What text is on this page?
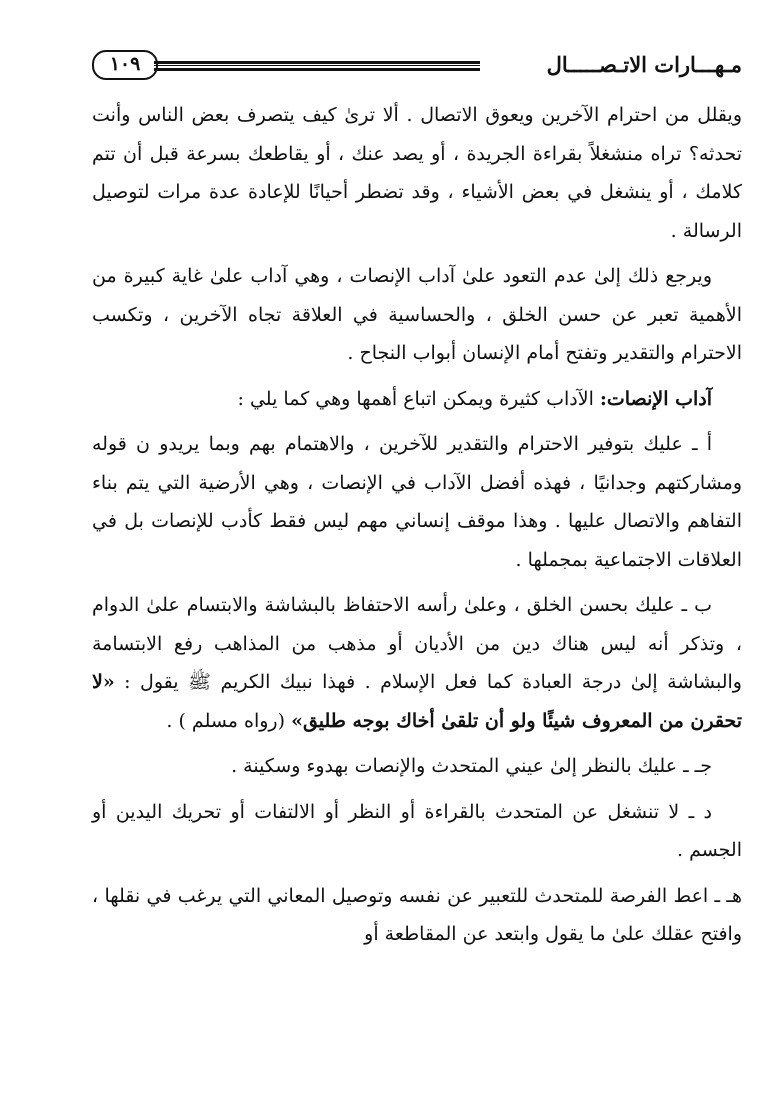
مـهـــارات الاتـصـــــال
١٠٩

ويقلل من احترام الآخرين ويعوق الاتصال . ألا ترىٰ كيف يتصرف بعض الناس وأنت تحدثه؟ تراه منشغلاً بقراءة الجريدة ، أو يصد عنك ، أو يقاطعك بسرعة قبل أن تتم كلامك ، أو ينشغل في بعض الأشياء ، وقد تضطر أحيانًا للإعادة عدة مرات لتوصيل الرسالة .

ويرجع ذلك إلىٰ عدم التعود علىٰ آداب الإنصات ، وهي آداب علىٰ غاية كبيرة من الأهمية تعبر عن حسن الخلق ، والحساسية في العلاقة تجاه الآخرين ، وتكسب الاحترام والتقدير وتفتح أمام الإنسان أبواب النجاح .

آداب الإنصات: الآداب كثيرة ويمكن اتباع أهمها وهي كما يلي :

أ ـ عليك بتوفير الاحترام والتقدير للآخرين ، والاهتمام بهم وبما يريدو ن قوله ومشاركتهم وجدانيًا ، فهذه أفضل الآداب في الإنصات ، وهي الأرضية التي يتم بناء التفاهم والاتصال عليها . وهذا موقف إنساني مهم ليس فقط كأدب للإنصات بل في العلاقات الاجتماعية بمجملها .

ب ـ عليك بحسن الخلق ، وعلىٰ رأسه الاحتفاظ بالبشاشة والابتسام علىٰ الدوام ، وتذكر أنه ليس هناك دين من الأديان أو مذهب من المذاهب رفع الابتسامة والبشاشة إلىٰ درجة العبادة كما فعل الإسلام . فهذا نبيك الكريم ﷺ يقول : «لا تحقرن من المعروف شيئًا ولو أن تلقىٰ أخاك بوجه طليق» (رواه مسلم ) .

جـ ـ عليك بالنظر إلىٰ عيني المتحدث والإنصات بهدوء وسكينة .

د ـ لا تنشغل عن المتحدث بالقراءة أو النظر أو الالتفات أو تحريك اليدين أو الجسم .

هـ ـ اعط الفرصة للمتحدث للتعبير عن نفسه وتوصيل المعاني التي يرغب في نقلها ، وافتح عقلك علىٰ ما يقول وابتعد عن المقاطعة أو
